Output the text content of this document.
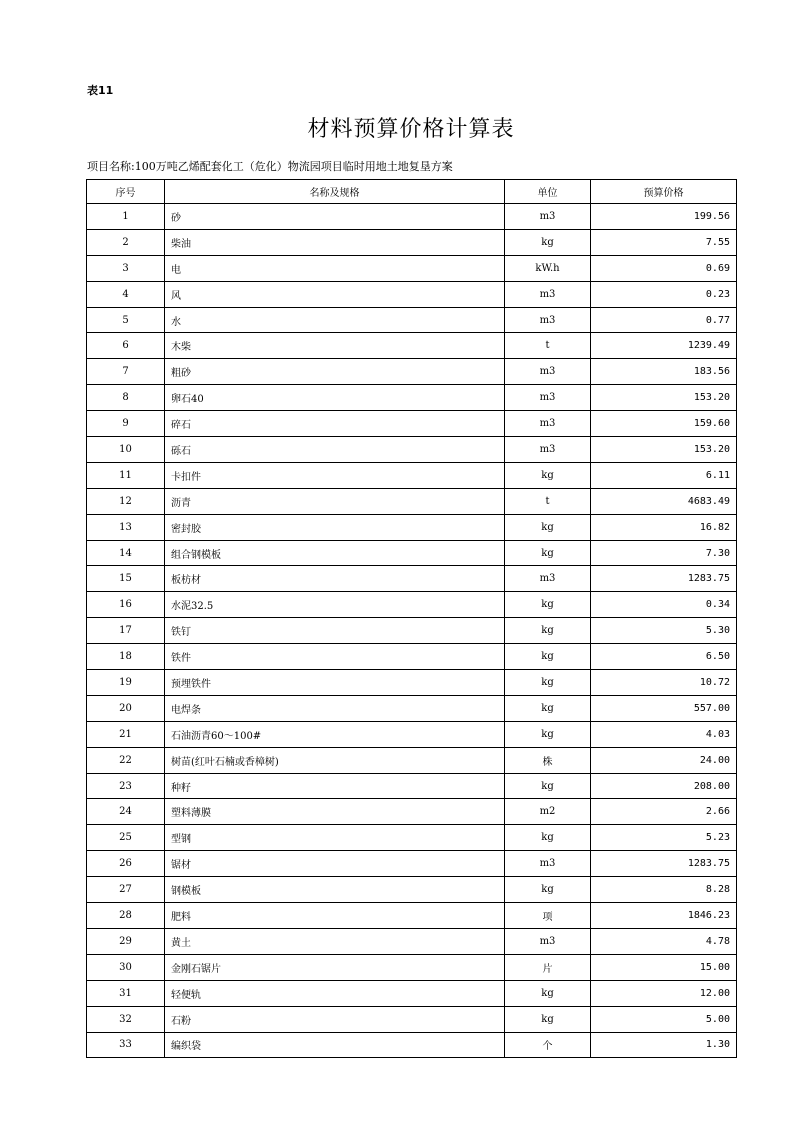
表11
材料预算价格计算表
项目名称:100万吨乙烯配套化工（危化）物流园项目临时用地土地复垦方案
序号	名称及规格	单位	预算价格
1	砂	m3	199.56
2	柴油	kg	7.55
3	电	kW.h	0.69
4	风	m3	0.23
5	水	m3	0.77
6	木柴	t	1239.49
7	粗砂	m3	183.56
8	卵石40	m3	153.20
9	碎石	m3	159.60
10	砾石	m3	153.20
11	卡扣件	kg	6.11
12	沥青	t	4683.49
13	密封胶	kg	16.82
14	组合钢模板	kg	7.30
15	板枋材	m3	1283.75
16	水泥32.5	kg	0.34
17	铁钉	kg	5.30
18	铁件	kg	6.50
19	预埋铁件	kg	10.72
20	电焊条	kg	557.00
21	石油沥青60～100#	kg	4.03
22	树苗(红叶石楠或香樟树)	株	24.00
23	种籽	kg	208.00
24	塑料薄膜	m2	2.66
25	型钢	kg	5.23
26	锯材	m3	1283.75
27	钢模板	kg	8.28
28	肥料	项	1846.23
29	黄土	m3	4.78
30	金刚石锯片	片	15.00
31	轻便轨	kg	12.00
32	石粉	kg	5.00
33	编织袋	个	1.30
